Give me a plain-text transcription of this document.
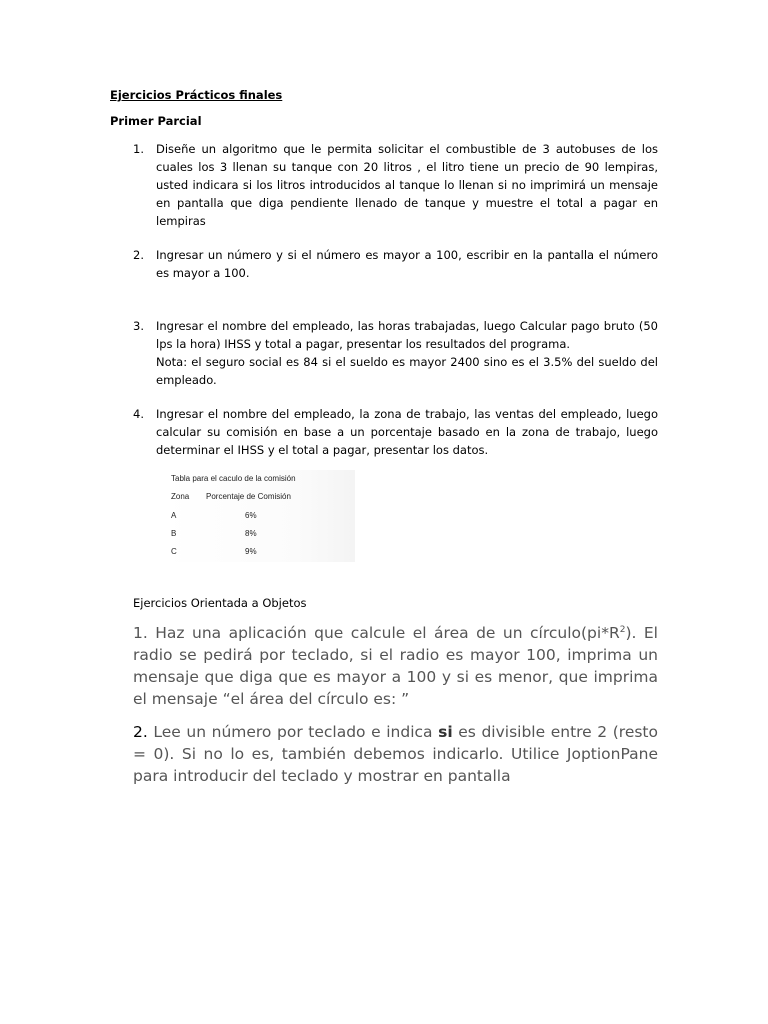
Ejercicios Prácticos finales
Primer Parcial
1. Diseñe un algoritmo que le permita solicitar el combustible de 3 autobuses de los cuales los 3 llenan su tanque con 20 litros , el litro tiene un precio de 90 lempiras, usted indicara si los litros introducidos al tanque lo llenan si no imprimirá un mensaje en pantalla que diga pendiente llenado de tanque y muestre el total a pagar en lempiras
2. Ingresar un número y si el número es mayor a 100, escribir en la pantalla el número es mayor a 100.
3. Ingresar el nombre del empleado, las horas trabajadas, luego Calcular pago bruto (50 lps la hora) IHSS y total a pagar, presentar los resultados del programa.
Nota: el seguro social es 84 si el sueldo es mayor 2400 sino es el 3.5% del sueldo del empleado.
4. Ingresar el nombre del empleado, la zona de trabajo, las ventas del empleado, luego calcular su comisión en base a un porcentaje basado en la zona de trabajo, luego determinar el IHSS y el total a pagar, presentar los datos.
Tabla para el caculo de la comisión
Zona Porcentaje de Comisión
A	6%
B	8%
C	9%
Ejercicios Orientada a Objetos
1. Haz una aplicación que calcule el área de un $círculo(pi*R^2)$. El radio se pedirá por teclado, si el radio es mayor 100, imprima un mensaje que diga que es mayor a 100 y si es menor, que imprima el mensaje “el área del círculo es: ”
2. Lee un número por teclado e indica si es divisible entre 2 (resto = 0). Si no lo es, también debemos indicarlo. Utilice JoptionPane para introducir del teclado y mostrar en pantalla
